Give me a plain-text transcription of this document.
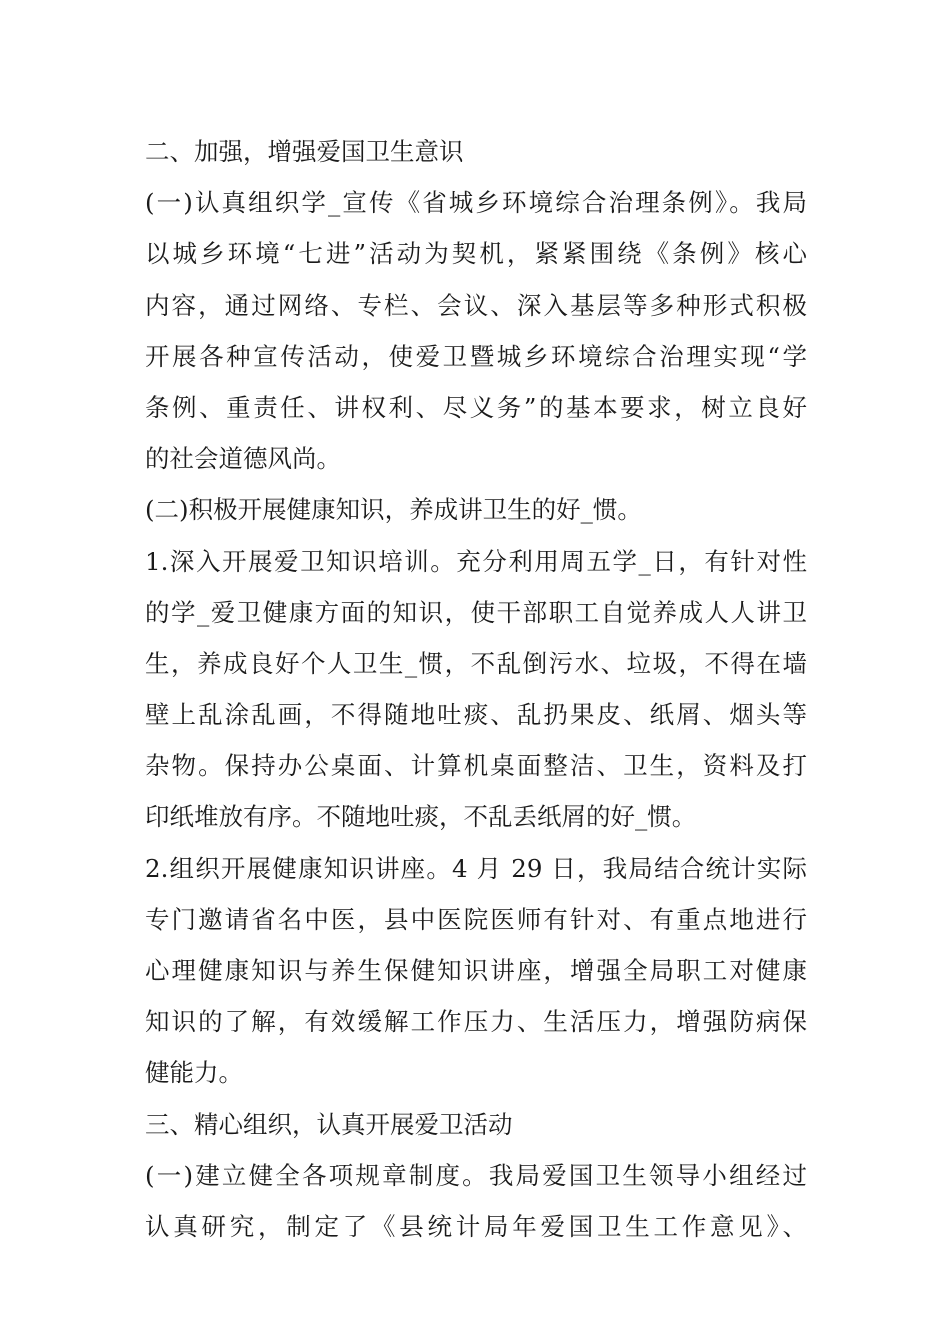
二、加强，增强爱国卫生意识
(一)认真组织学_宣传《省城乡环境综合治理条例》。我局
以城乡环境“七进”活动为契机，紧紧围绕《条例》核心
内容，通过网络、专栏、会议、深入基层等多种形式积极
开展各种宣传活动，使爱卫暨城乡环境综合治理实现“学
条例、重责任、讲权利、尽义务”的基本要求，树立良好
的社会道德风尚。
(二)积极开展健康知识，养成讲卫生的好_惯。
1.深入开展爱卫知识培训。充分利用周五学_日，有针对性
的学_爱卫健康方面的知识，使干部职工自觉养成人人讲卫
生，养成良好个人卫生_惯，不乱倒污水、垃圾，不得在墙
壁上乱涂乱画，不得随地吐痰、乱扔果皮、纸屑、烟头等
杂物。保持办公桌面、计算机桌面整洁、卫生，资料及打
印纸堆放有序。不随地吐痰，不乱丢纸屑的好_惯。
2.组织开展健康知识讲座。4 月 29 日，我局结合统计实际
专门邀请省名中医，县中医院医师有针对、有重点地进行
心理健康知识与养生保健知识讲座，增强全局职工对健康
知识的了解，有效缓解工作压力、生活压力，增强防病保
健能力。
三、精心组织，认真开展爱卫活动
(一)建立健全各项规章制度。我局爱国卫生领导小组经过
认真研究，制定了《县统计局年爱国卫生工作意见》、
